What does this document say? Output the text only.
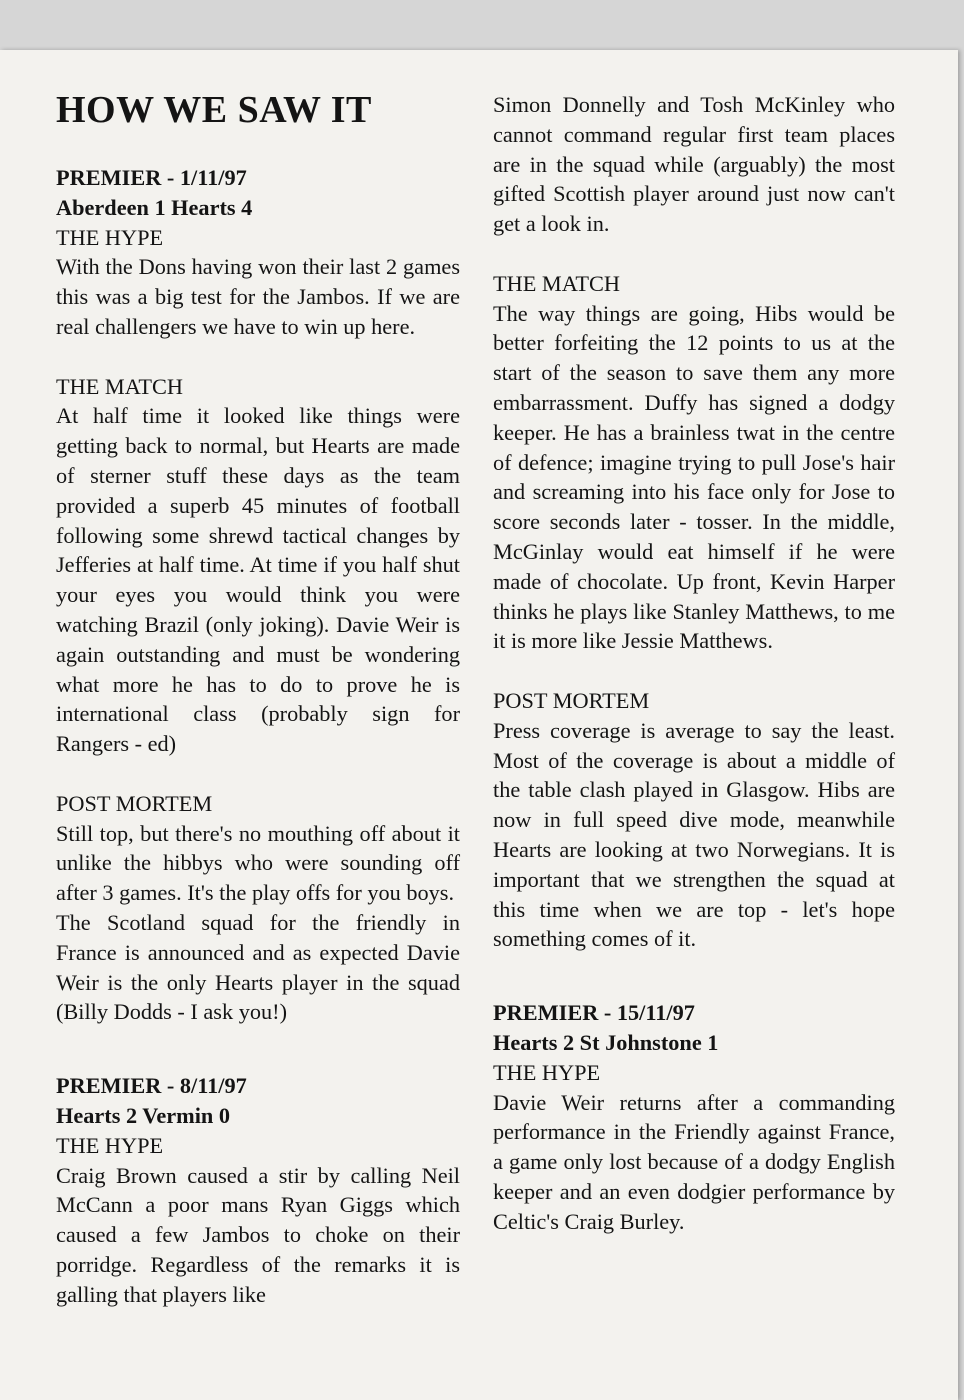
HOW WE SAW IT
PREMIER - 1/11/97
Aberdeen 1 Hearts 4
THE HYPE

With the Dons having won their last 2 games this was a big test for the Jambos. If we are real challengers we have to win up here.

THE MATCH

At half time it looked like things were getting back to normal, but Hearts are made of sterner stuff these days as the team provided a superb 45 minutes of football following some shrewd tactical changes by Jefferies at half time. At time if you half shut your eyes you would think you were watching Brazil (only joking). Davie Weir is again outstanding and must be wondering what more he has to do to prove he is international class (probably sign for Rangers - ed)

POST MORTEM

Still top, but there's no mouthing off about it unlike the hibbys who were sounding off after 3 games. It's the play offs for you boys.

The Scotland squad for the friendly in France is announced and as expected Davie Weir is the only Hearts player in the squad (Billy Dodds - I ask you!)

PREMIER - 8/11/97
Hearts 2 Vermin 0
THE HYPE

Craig Brown caused a stir by calling Neil McCann a poor mans Ryan Giggs which caused a few Jambos to choke on their porridge. Regardless of the remarks it is galling that players like

Simon Donnelly and Tosh McKinley who cannot command regular first team places are in the squad while (arguably) the most gifted Scottish player around just now can't get a look in.

THE MATCH

The way things are going, Hibs would be better forfeiting the 12 points to us at the start of the season to save them any more embarrassment. Duffy has signed a dodgy keeper. He has a brainless twat in the centre of defence; imagine trying to pull Jose's hair and screaming into his face only for Jose to score seconds later - tosser. In the middle, McGinlay would eat himself if he were made of chocolate. Up front, Kevin Harper thinks he plays like Stanley Matthews, to me it is more like Jessie Matthews.

POST MORTEM

Press coverage is average to say the least. Most of the coverage is about a middle of the table clash played in Glasgow. Hibs are now in full speed dive mode, meanwhile Hearts are looking at two Norwegians. It is important that we strengthen the squad at this time when we are top - let's hope something comes of it.

PREMIER - 15/11/97
Hearts 2 St Johnstone 1
THE HYPE

Davie Weir returns after a commanding performance in the Friendly against France, a game only lost because of a dodgy English keeper and an even dodgier performance by Celtic's Craig Burley.
